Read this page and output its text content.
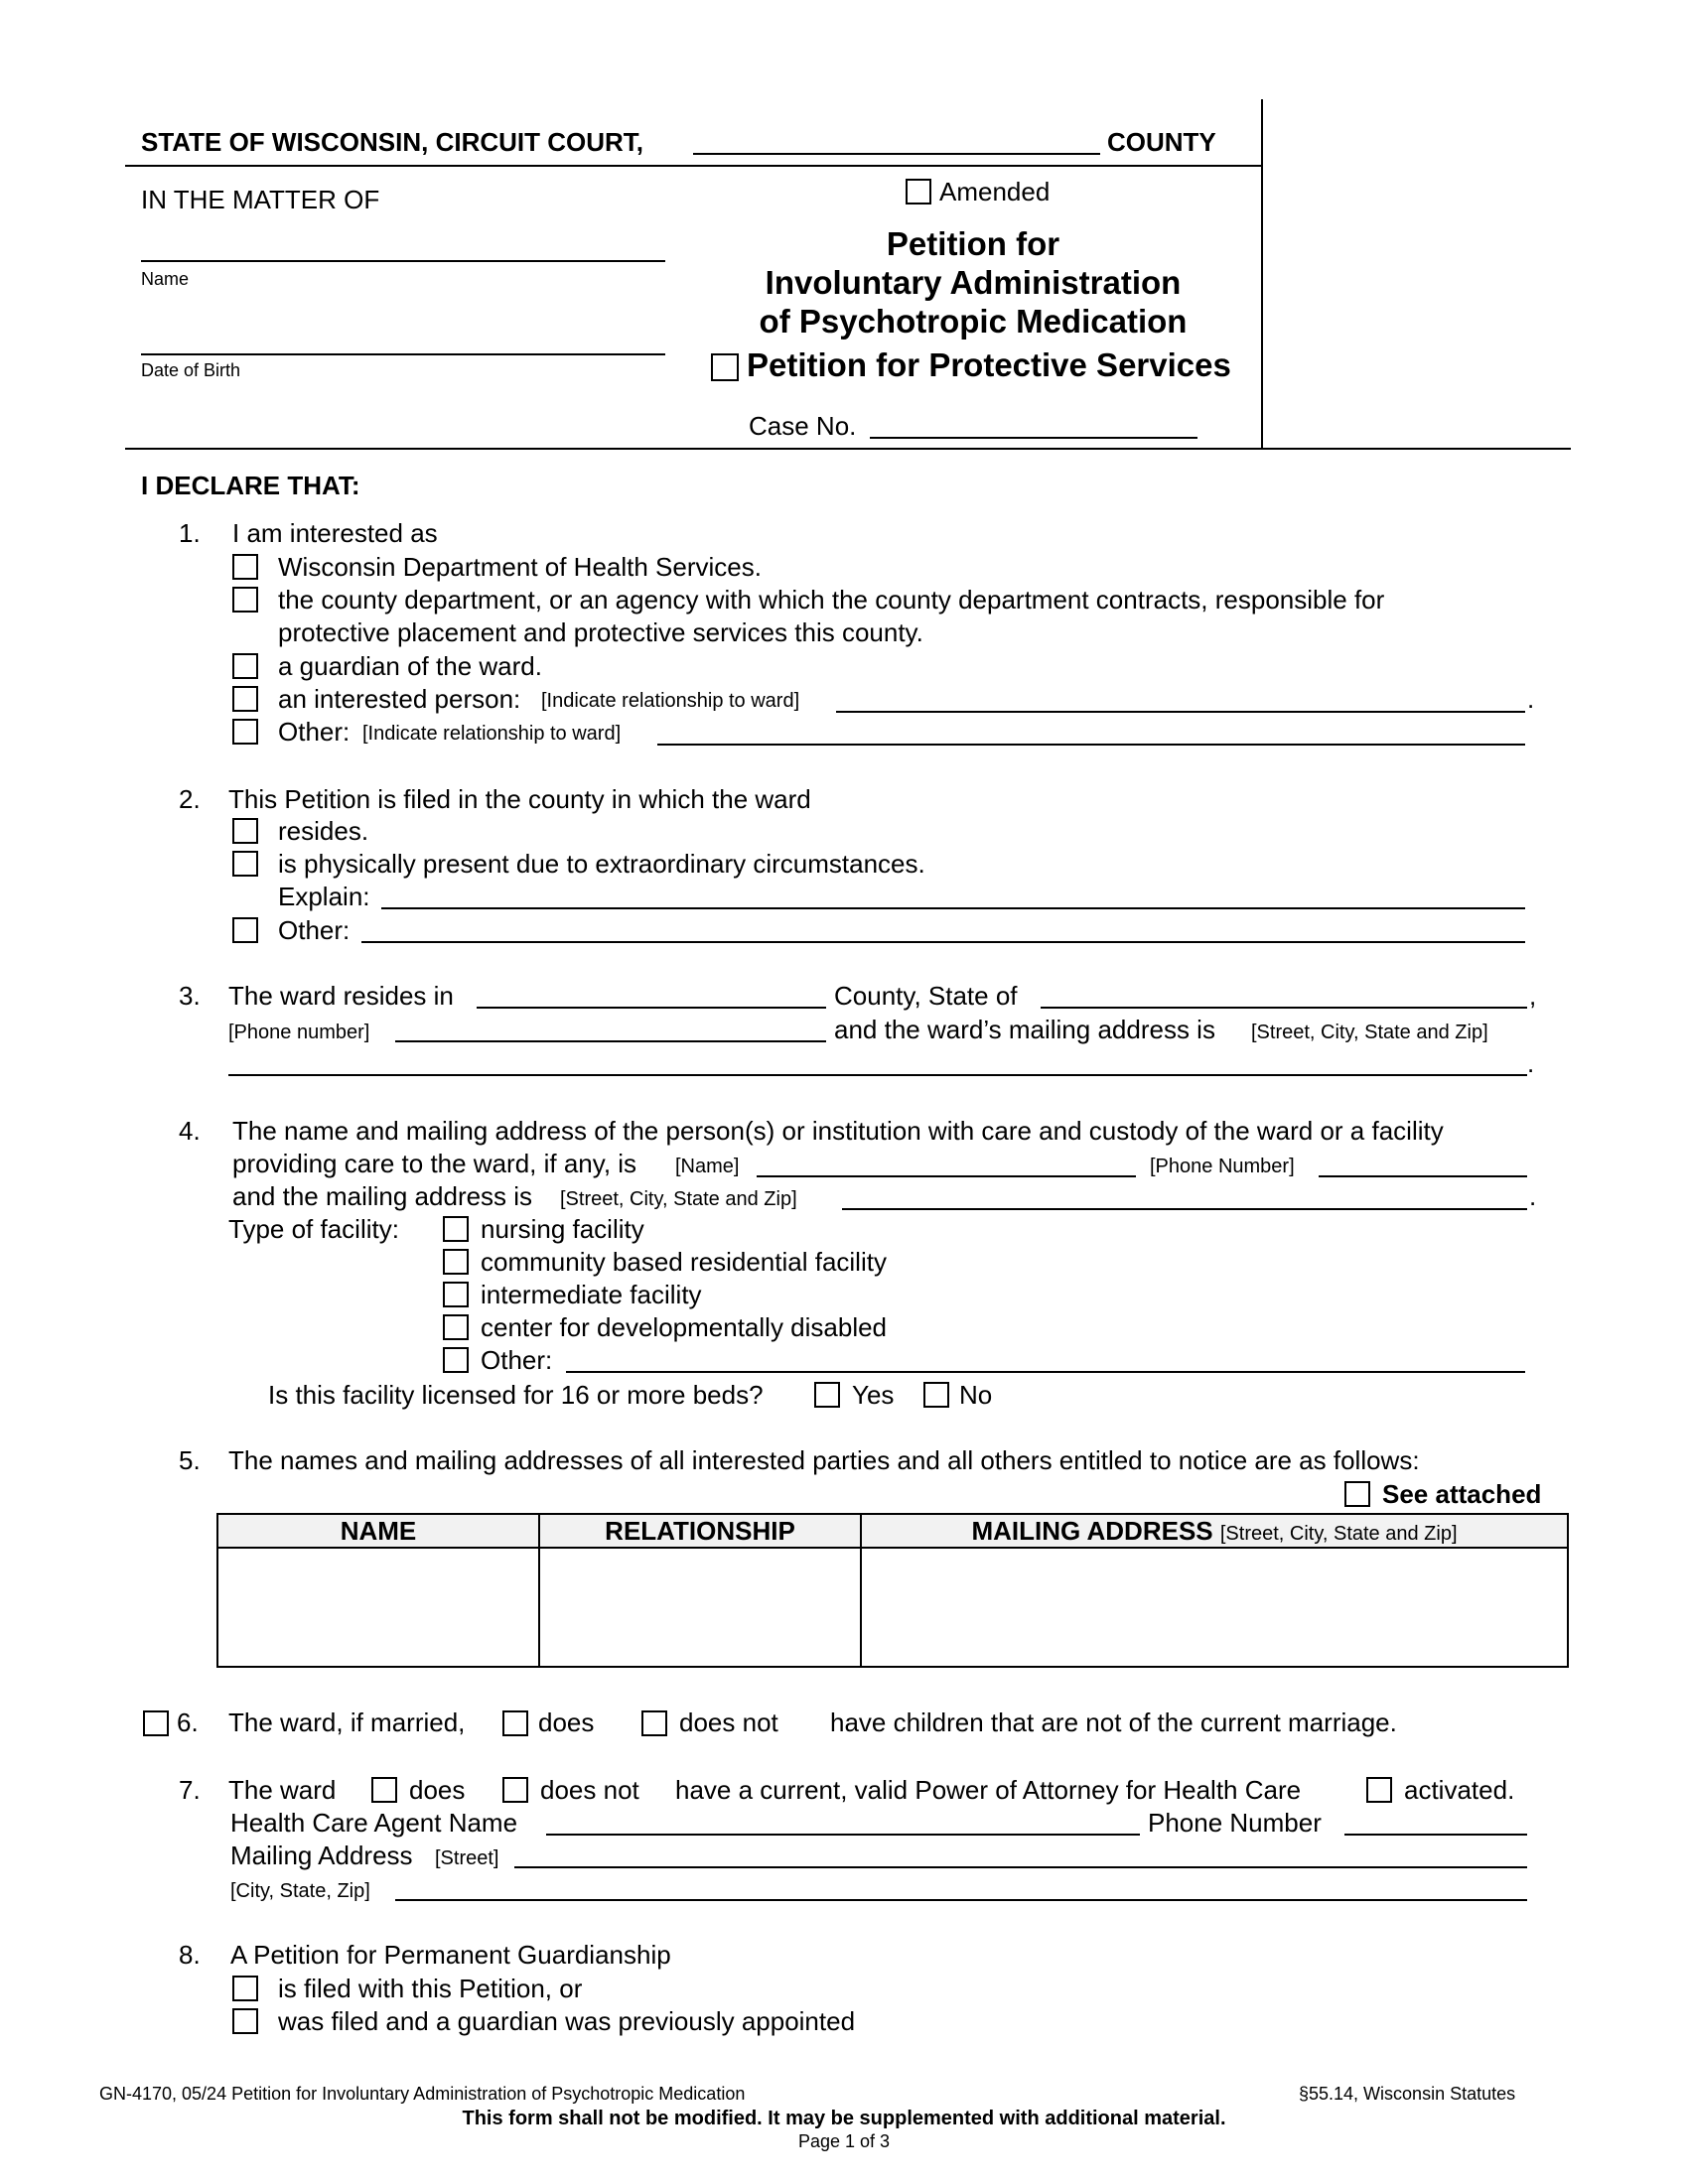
STATE OF WISCONSIN, CIRCUIT COURT,	COUNTY
IN THE MATTER OF
Name
Date of Birth
Amended
Petition for
Involuntary Administration
of Psychotropic Medication
Petition for Protective Services
Case No.
I DECLARE THAT:
1. I am interested as
Wisconsin Department of Health Services.
the county department, or an agency with which the county department contracts, responsible for
protective placement and protective services this county.
a guardian of the ward.
an interested person: [Indicate relationship to ward]	.
Other: [Indicate relationship to ward]
2. This Petition is filed in the county in which the ward
resides.
is physically present due to extraordinary circumstances.
Explain:
Other:
3. The ward resides in	County, State of	,
[Phone number]	and the ward’s mailing address is [Street, City, State and Zip]
.
4. The name and mailing address of the person(s) or institution with care and custody of the ward or a facility
providing care to the ward, if any, is [Name]	[Phone Number]
and the mailing address is [Street, City, State and Zip]	.
Type of facility:	nursing facility
community based residential facility
intermediate facility
center for developmentally disabled
Other:
Is this facility licensed for 16 or more beds?	Yes	No
5. The names and mailing addresses of all interested parties and all others entitled to notice are as follows:
See attached
NAME	RELATIONSHIP	MAILING ADDRESS [Street, City, State and Zip]

6. The ward, if married,	does	does not have children that are not of the current marriage.
7. The ward	does	does not have a current, valid Power of Attorney for Health Care	activated.
Health Care Agent Name	Phone Number
Mailing Address [Street]
[City, State, Zip]
8. A Petition for Permanent Guardianship
is filed with this Petition, or
was filed and a guardian was previously appointed
GN-4170, 05/24 Petition for Involuntary Administration of Psychotropic Medication	§55.14, Wisconsin Statutes
This form shall not be modified. It may be supplemented with additional material.
Page 1 of 3
